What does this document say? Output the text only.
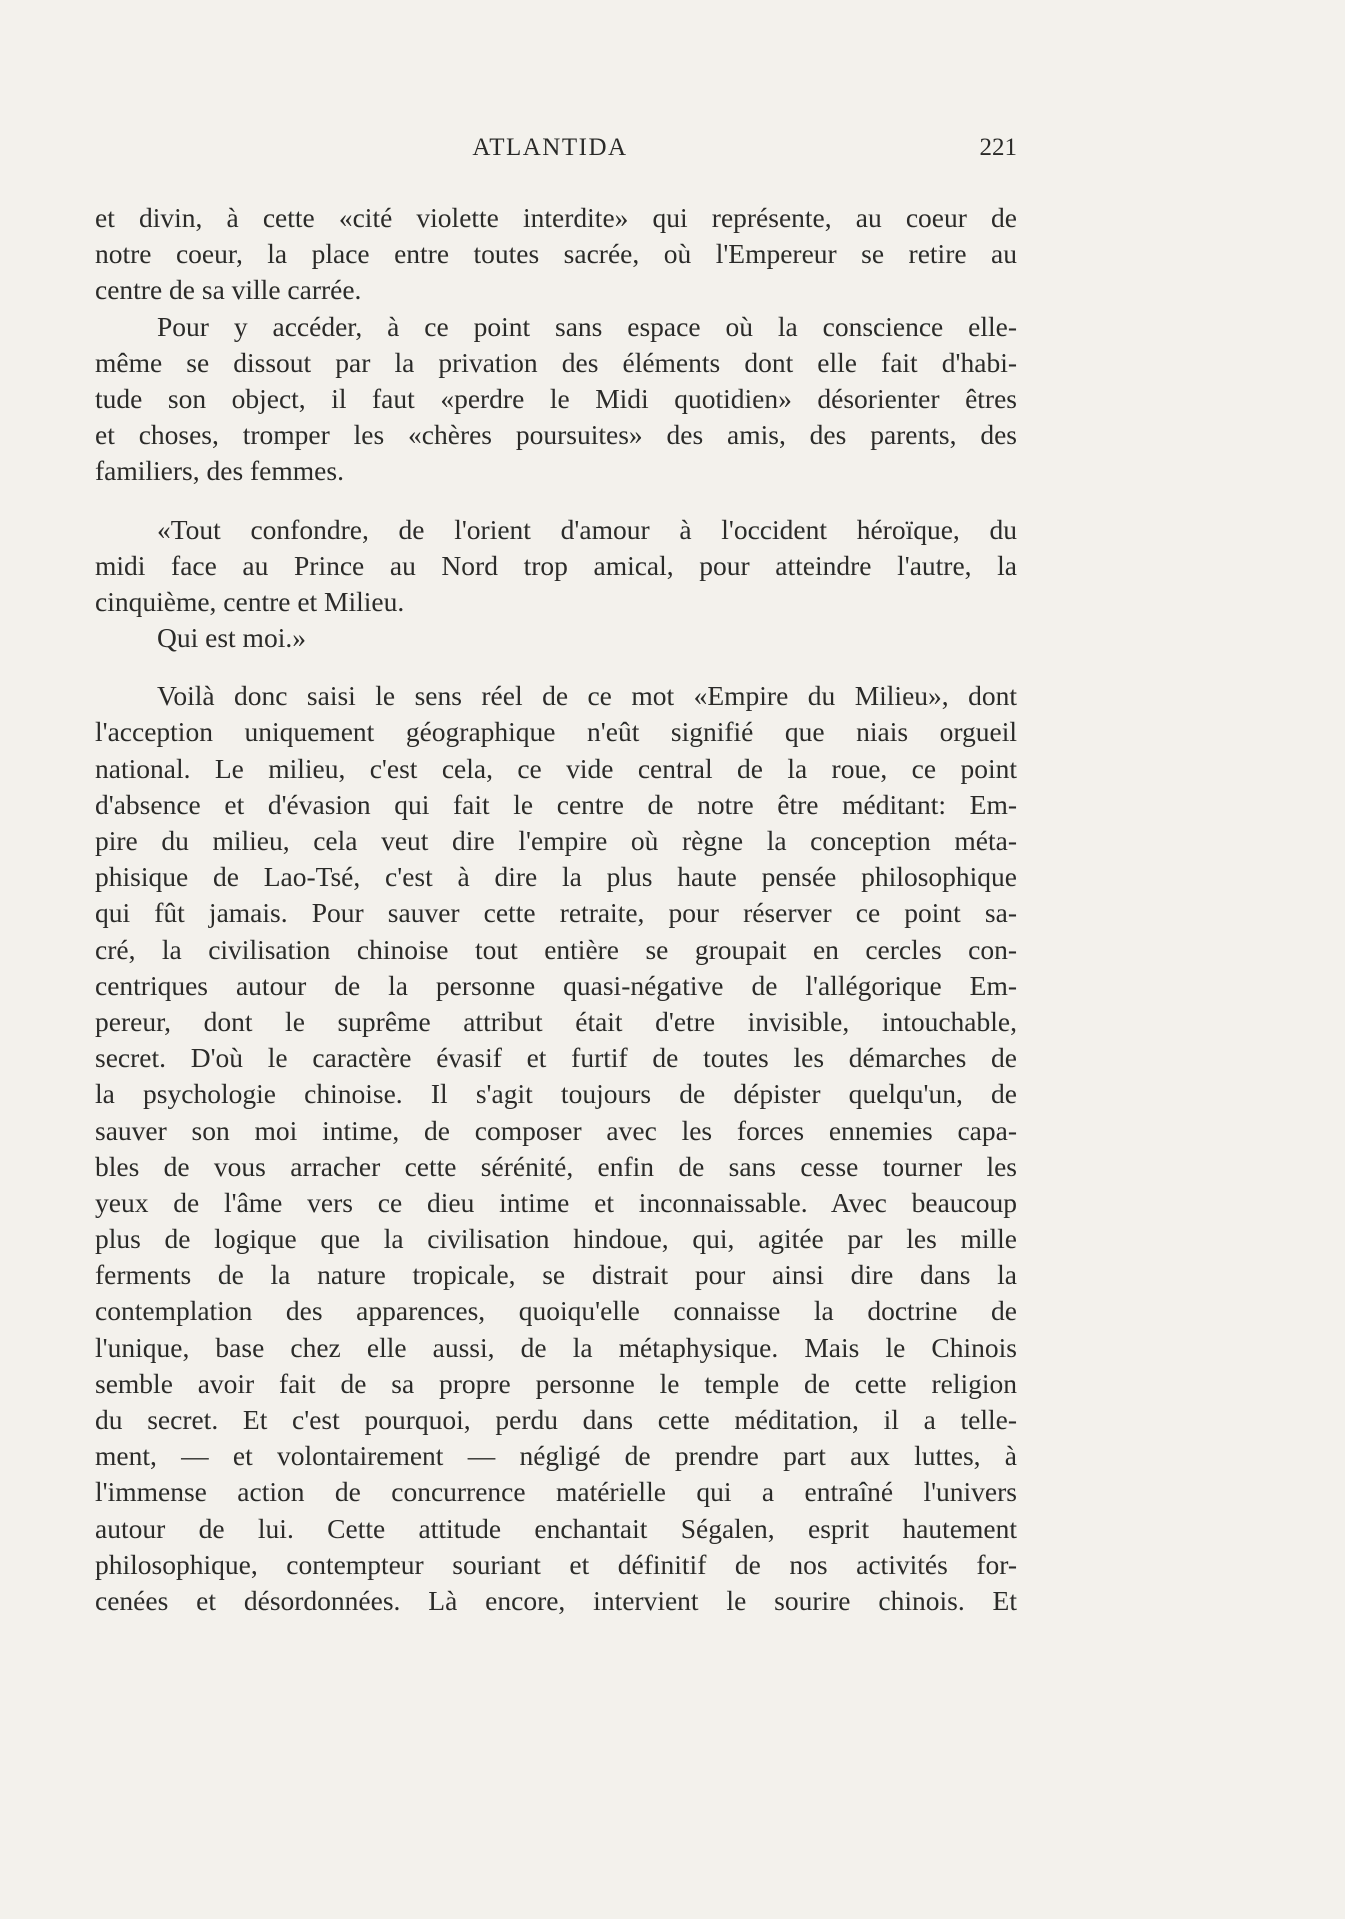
ATLANTIDA	221
et divin, à cette «cité violette interdite» qui représente, au coeur de
notre coeur, la place entre toutes sacrée, où l'Empereur se retire au
centre de sa ville carrée.
Pour y accéder, à ce point sans espace où la conscience elle-
même se dissout par la privation des éléments dont elle fait d'habi-
tude son object, il faut «perdre le Midi quotidien» désorienter êtres
et choses, tromper les «chères poursuites» des amis, des parents, des
familiers, des femmes.
«Tout confondre, de l'orient d'amour à l'occident héroïque, du
midi face au Prince au Nord trop amical, pour atteindre l'autre, la
cinquième, centre et Milieu.
Qui est moi.»
Voilà donc saisi le sens réel de ce mot «Empire du Milieu», dont
l'acception uniquement géographique n'eût signifié que niais orgueil
national. Le milieu, c'est cela, ce vide central de la roue, ce point
d'absence et d'évasion qui fait le centre de notre être méditant: Em-
pire du milieu, cela veut dire l'empire où règne la conception méta-
phisique de Lao-Tsé, c'est à dire la plus haute pensée philosophique
qui fût jamais. Pour sauver cette retraite, pour réserver ce point sa-
cré, la civilisation chinoise tout entière se groupait en cercles con-
centriques autour de la personne quasi-négative de l'allégorique Em-
pereur, dont le suprême attribut était d'etre invisible, intouchable,
secret. D'où le caractère évasif et furtif de toutes les démarches de
la psychologie chinoise. Il s'agit toujours de dépister quelqu'un, de
sauver son moi intime, de composer avec les forces ennemies capa-
bles de vous arracher cette sérénité, enfin de sans cesse tourner les
yeux de l'âme vers ce dieu intime et inconnaissable. Avec beaucoup
plus de logique que la civilisation hindoue, qui, agitée par les mille
ferments de la nature tropicale, se distrait pour ainsi dire dans la
contemplation des apparences, quoiqu'elle connaisse la doctrine de
l'unique, base chez elle aussi, de la métaphysique. Mais le Chinois
semble avoir fait de sa propre personne le temple de cette religion
du secret. Et c'est pourquoi, perdu dans cette méditation, il a telle-
ment, — et volontairement — négligé de prendre part aux luttes, à
l'immense action de concurrence matérielle qui a entraîné l'univers
autour de lui. Cette attitude enchantait Ségalen, esprit hautement
philosophique, contempteur souriant et définitif de nos activités for-
cenées et désordonnées. Là encore, intervient le sourire chinois. Et
